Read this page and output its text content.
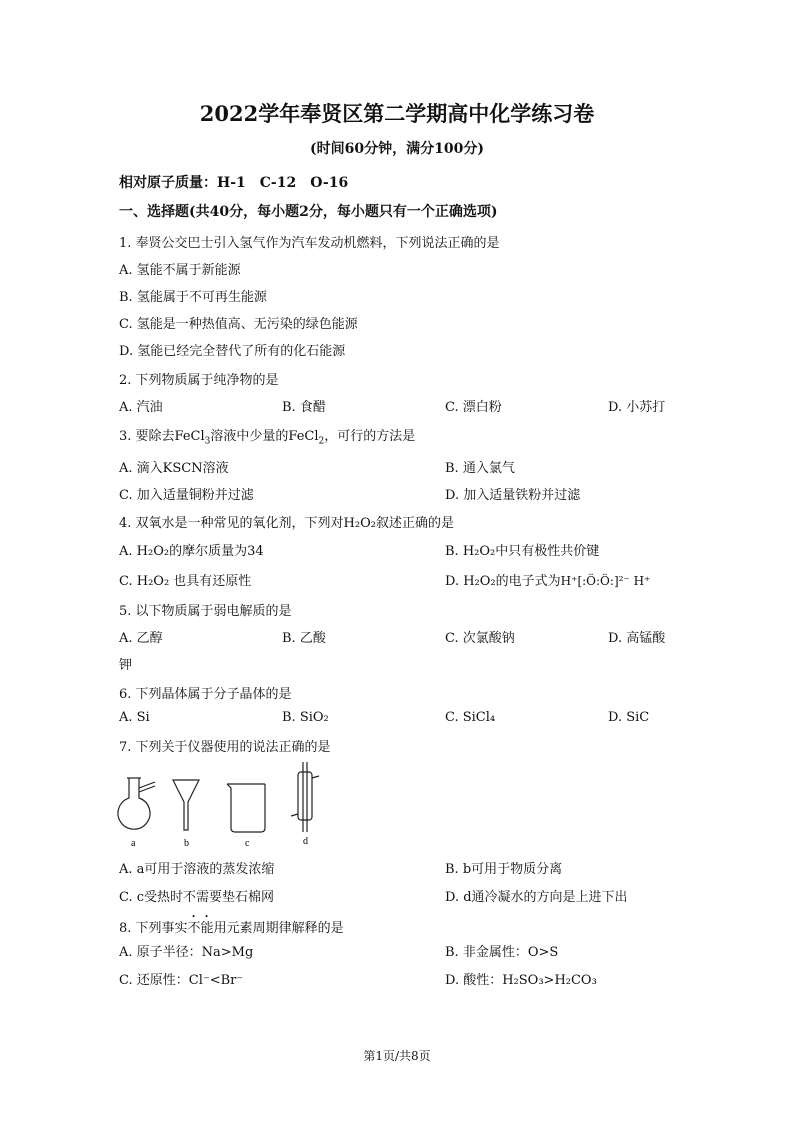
2022学年奉贤区第二学期高中化学练习卷
(时间60分钟，满分100分)
相对原子质量：H-1　C-12　O-16
一、选择题(共40分，每小题2分，每小题只有一个正确选项)
1. 奉贤公交巴士引入氢气作为汽车发动机燃料，下列说法正确的是
A. 氢能不属于新能源
B. 氢能属于不可再生能源
C. 氢能是一种热值高、无污染的绿色能源
D. 氢能已经完全替代了所有的化石能源
2. 下列物质属于纯净物的是
A. 汽油	B. 食醋	C. 漂白粉	D. 小苏打
3. 要除去FeCl$_3$溶液中少量的FeCl$_2$，可行的方法是
A. 滴入KSCN溶液	B. 通入氯气
C. 加入适量铜粉并过滤	D. 加入适量铁粉并过滤
4. 双氧水是一种常见的氧化剂，下列对H₂O₂叙述正确的是
A. H₂O₂的摩尔质量为34	B. H₂O₂中只有极性共价键
C. H₂O₂ 也具有还原性	D. H₂O₂的电子式为H⁺[:Ö:Ö:]²⁻ H⁺
5. 以下物质属于弱电解质的是
A. 乙醇	B. 乙酸	C. 次氯酸钠	D. 高锰酸
钾
6. 下列晶体属于分子晶体的是
A. Si	B. SiO₂	C. SiCl₄	D. SiC
7. 下列关于仪器使用的说法正确的是
a	b	c	d
A. a可用于溶液的蒸发浓缩	B. b可用于物质分离
C. c受热时不需要垫石棉网	D. d通冷凝水的方向是上进下出
8. 下列事实不能用元素周期律解释的是
A. 原子半径：Na>Mg	B. 非金属性：O>S
C. 还原性：Cl⁻<Br⁻	D. 酸性：H₂SO₃>H₂CO₃
第1页/共8页
